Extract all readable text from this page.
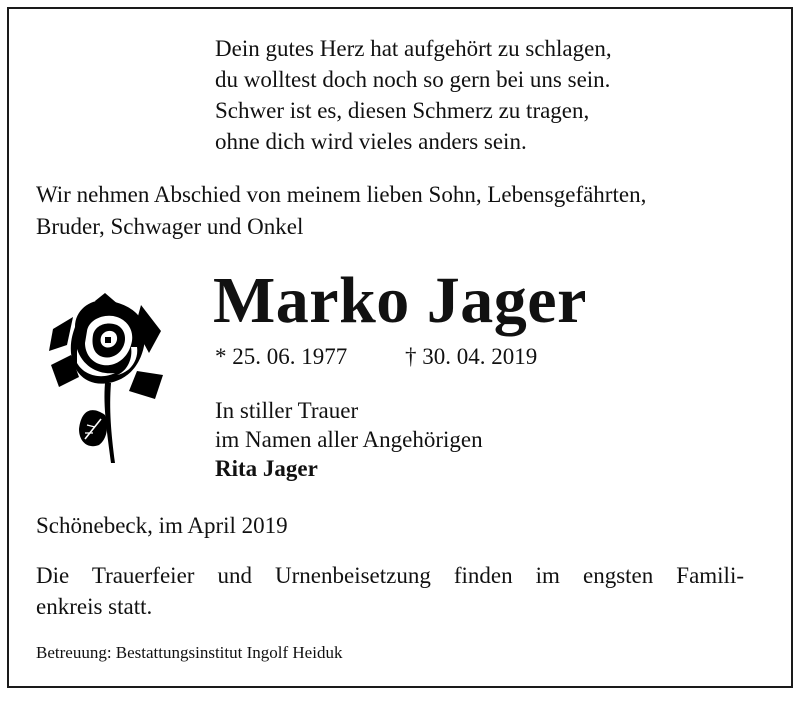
Dein gutes Herz hat aufgehört zu schlagen,
du wolltest doch noch so gern bei uns sein.
Schwer ist es, diesen Schmerz zu tragen,
ohne dich wird vieles anders sein.
Wir nehmen Abschied von meinem lieben Sohn, Lebensgefährten,
Bruder, Schwager und Onkel
Marko Jager
* 25. 06. 1977	† 30. 04. 2019
In stiller Trauer
im Namen aller Angehörigen
Rita Jager
Schönebeck, im April 2019
Die Trauerfeier und Urnenbeisetzung finden im engsten Famili-
enkreis statt.
Betreuung: Bestattungsinstitut Ingolf Heiduk
